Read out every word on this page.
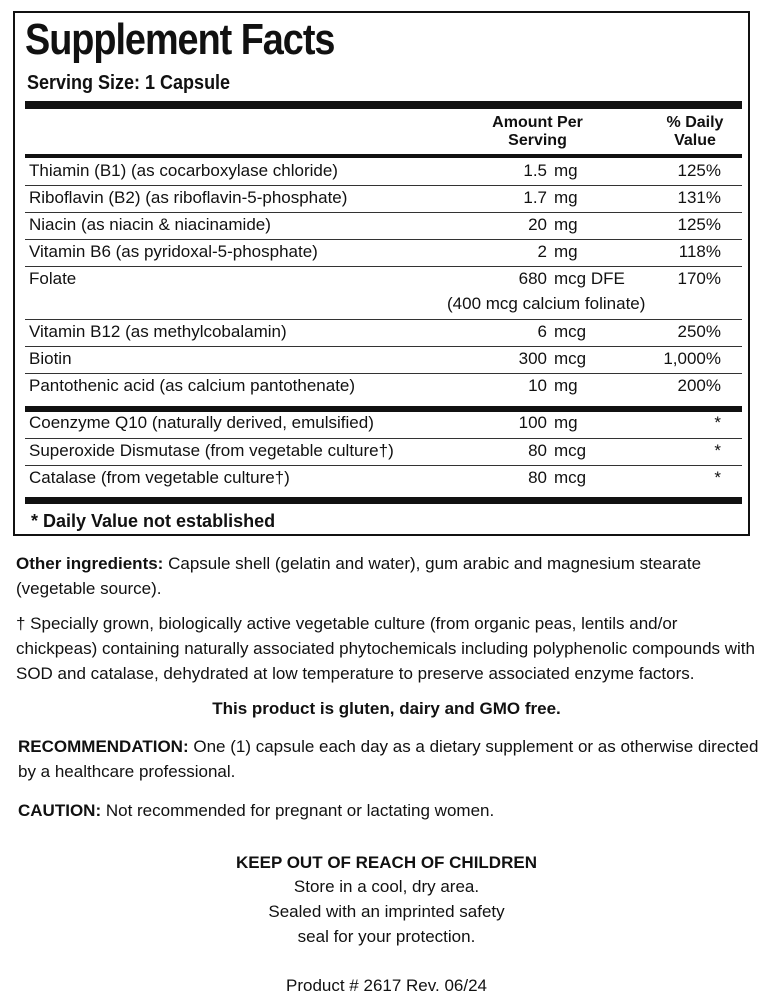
Supplement Facts
Serving Size: 1 Capsule
Amount Per
Serving
% Daily
Value
Thiamin (B1) (as cocarboxylase chloride)	1.5 mg	125%
Riboflavin (B2) (as riboflavin-5-phosphate)	1.7 mg	131%
Niacin (as niacin & niacinamide)	20 mg	125%
Vitamin B6 (as pyridoxal-5-phosphate)	2 mg	118%
Folate	680 mcg DFE	170%
(400 mcg calcium folinate)
Vitamin B12 (as methylcobalamin)	6 mcg	250%
Biotin	300 mcg	1,000%
Pantothenic acid (as calcium pantothenate)	10 mg	200%
Coenzyme Q10 (naturally derived, emulsified)	100 mg	*
Superoxide Dismutase (from vegetable culture†)	80 mcg	*
Catalase (from vegetable culture†)	80 mcg	*
* Daily Value not established
Other ingredients: Capsule shell (gelatin and water), gum arabic and magnesium stearate (vegetable source).
† Specially grown, biologically active vegetable culture (from organic peas, lentils and/or chickpeas) containing naturally associated phytochemicals including polyphenolic compounds with SOD and catalase, dehydrated at low temperature to preserve associated enzyme factors.
This product is gluten, dairy and GMO free.
RECOMMENDATION: One (1) capsule each day as a dietary supplement or as otherwise directed by a healthcare professional.
CAUTION: Not recommended for pregnant or lactating women.
KEEP OUT OF REACH OF CHILDREN
Store in a cool, dry area.
Sealed with an imprinted safety
seal for your protection.
Product # 2617 Rev. 06/24
